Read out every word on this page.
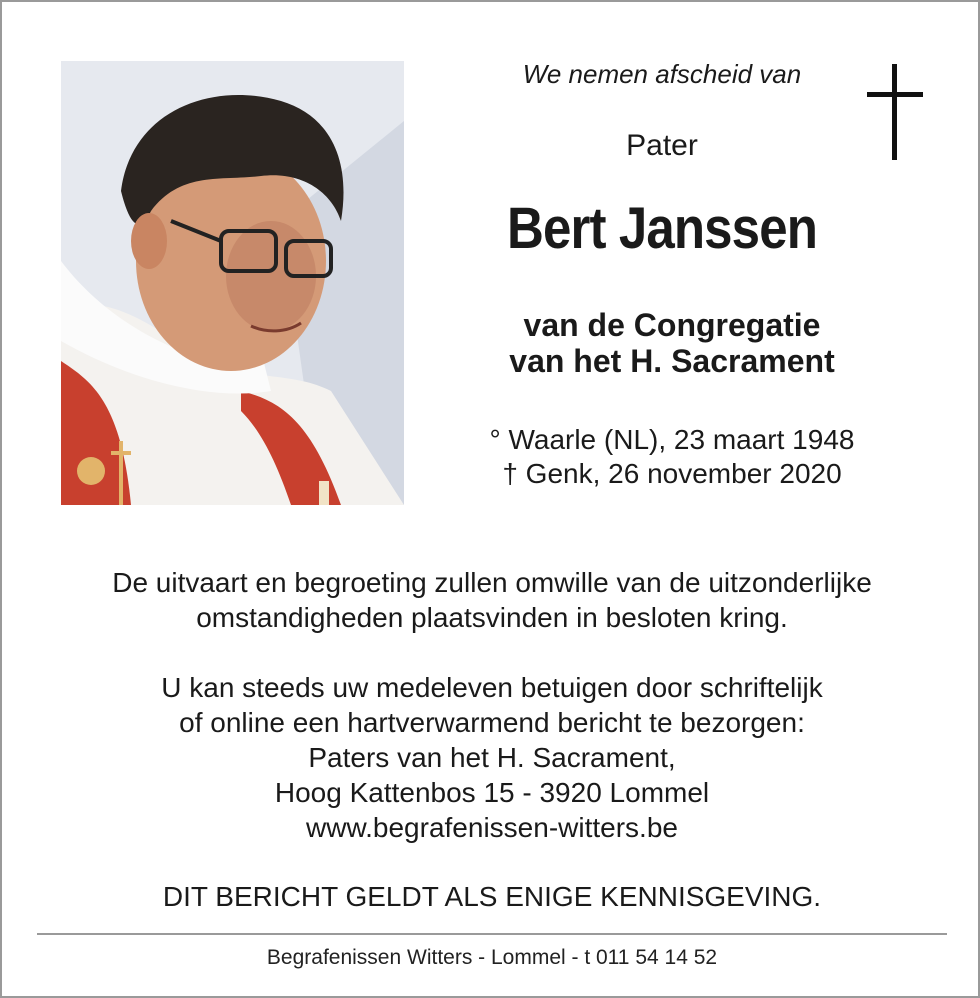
We nemen afscheid van
Pater
Bert Janssen
van de Congregatie
van het H. Sacrament
° Waarle (NL), 23 maart 1948
† Genk, 26 november 2020
De uitvaart en begroeting zullen omwille van de uitzonderlijke
omstandigheden plaatsvinden in besloten kring.
U kan steeds uw medeleven betuigen door schriftelijk
of online een hartverwarmend bericht te bezorgen:
Paters van het H. Sacrament,
Hoog Kattenbos 15 - 3920 Lommel
www.begrafenissen-witters.be
DIT BERICHT GELDT ALS ENIGE KENNISGEVING.
Begrafenissen Witters - Lommel - t 011 54 14 52
